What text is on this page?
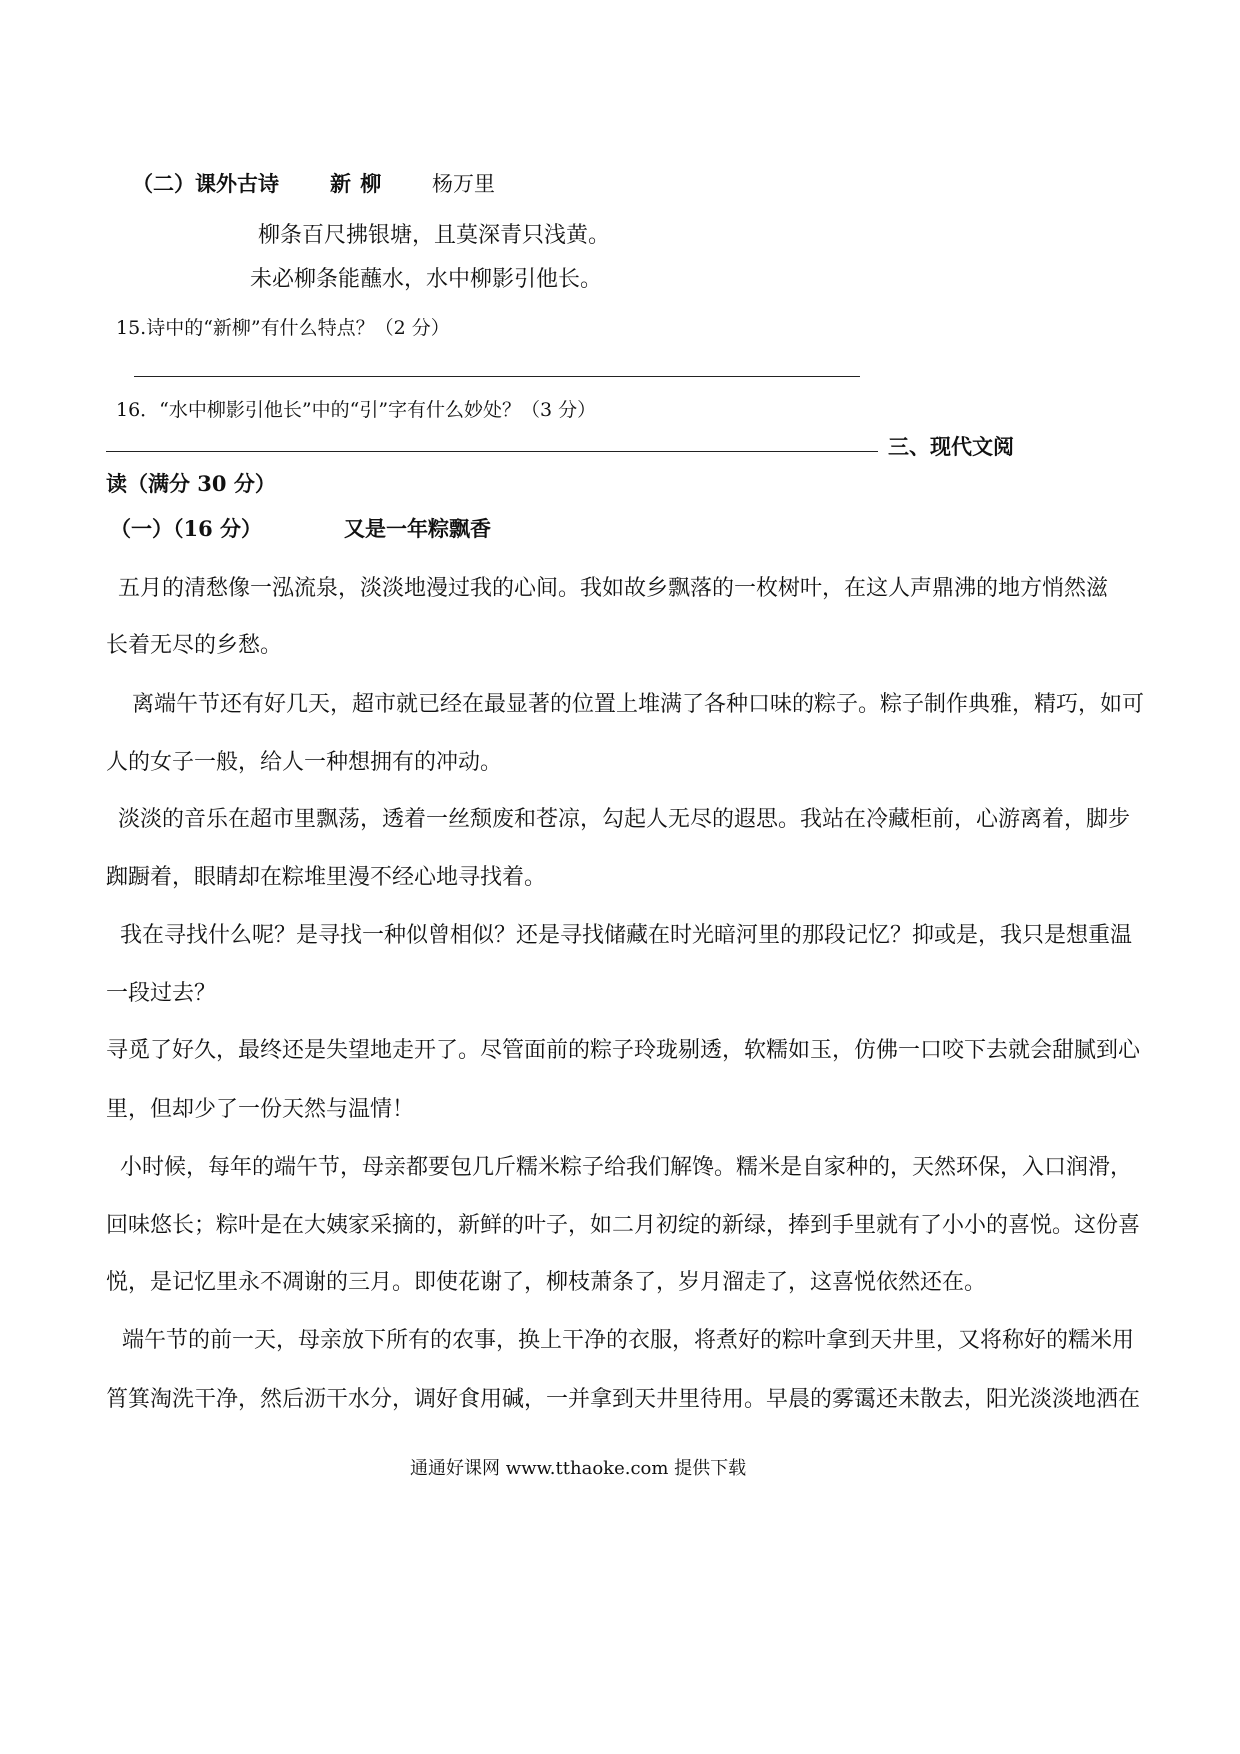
（二）课外古诗 新 柳 杨万里
柳条百尺拂银塘，且莫深青只浅黄。
未必柳条能蘸水，水中柳影引他长。
15.诗中的“新柳”有什么特点？（2 分）
16．“水中柳影引他长”中的“引”字有什么妙处？（3 分）
三、现代文阅
读（满分 30 分）
（一）（16 分）	又是一年粽飘香
五月的清愁像一泓流泉，淡淡地漫过我的心间。我如故乡飘落的一枚树叶，在这人声鼎沸的地方悄然滋
长着无尽的乡愁。
离端午节还有好几天，超市就已经在最显著的位置上堆满了各种口味的粽子。粽子制作典雅，精巧，如可
人的女子一般，给人一种想拥有的冲动。
淡淡的音乐在超市里飘荡，透着一丝颓废和苍凉，勾起人无尽的遐思。我站在冷藏柜前，心游离着，脚步
踟蹰着，眼睛却在粽堆里漫不经心地寻找着。
我在寻找什么呢？是寻找一种似曾相似？还是寻找储藏在时光暗河里的那段记忆？抑或是，我只是想重温
一段过去？
寻觅了好久，最终还是失望地走开了。尽管面前的粽子玲珑剔透，软糯如玉，仿佛一口咬下去就会甜腻到心
里，但却少了一份天然与温情！
小时候，每年的端午节，母亲都要包几斤糯米粽子给我们解馋。糯米是自家种的，天然环保，入口润滑，
回味悠长；粽叶是在大姨家采摘的，新鲜的叶子，如二月初绽的新绿，捧到手里就有了小小的喜悦。这份喜
悦，是记忆里永不凋谢的三月。即使花谢了，柳枝萧条了，岁月溜走了，这喜悦依然还在。
端午节的前一天，母亲放下所有的农事，换上干净的衣服，将煮好的粽叶拿到天井里，又将称好的糯米用
筲箕淘洗干净，然后沥干水分，调好食用碱，一并拿到天井里待用。早晨的雾霭还未散去，阳光淡淡地洒在
通通好课网 www.tthaoke.com 提供下载
